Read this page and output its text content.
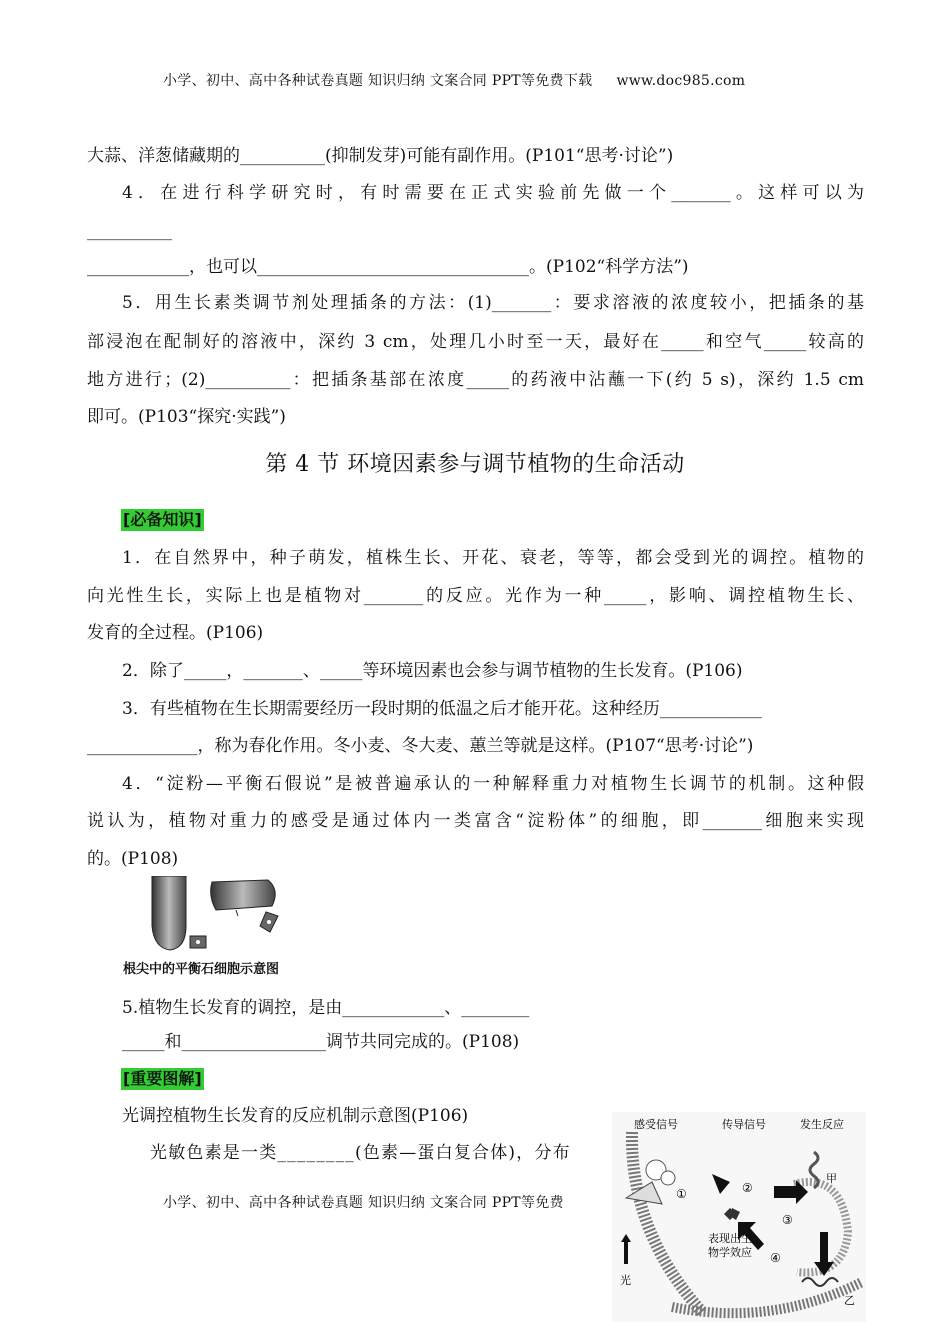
小学、初中、高中各种试卷真题 知识归纳 文案合同 PPT等免费下载 www.doc985.com
大蒜、洋葱储藏期的__________(抑制发芽)可能有副作用。(P101“思考·讨论”)
4．在进行科学研究时，有时需要在正式实验前先做一个_______。这样可以为
__________
____________，也可以________________________________。(P102“科学方法”)
5．用生长素类调节剂处理插条的方法：(1)_______：要求溶液的浓度较小，把插条的基
部浸泡在配制好的溶液中，深约 3 cm，处理几小时至一天，最好在_____和空气_____较高的
地方进行；(2)__________：把插条基部在浓度_____的药液中沾蘸一下(约 5 s)，深约 1.5 cm
即可。(P103“探究·实践”)
第 4 节 环境因素参与调节植物的生命活动
[必备知识]
1．在自然界中，种子萌发，植株生长、开花、衰老，等等，都会受到光的调控。植物的
向光性生长，实际上也是植物对_______的反应。光作为一种_____，影响、调控植物生长、
发育的全过程。(P106)
2．除了_____，_______、_____等环境因素也会参与调节植物的生长发育。(P106)
3．有些植物在生长期需要经历一段时期的低温之后才能开花。这种经历____________
_____________，称为春化作用。冬小麦、冬大麦、蕙兰等就是这样。(P107“思考·讨论”)
4．“淀粉—平衡石假说”是被普遍承认的一种解释重力对植物生长调节的机制。这种假
说认为，植物对重力的感受是通过体内一类富含“淀粉体”的细胞，即_______细胞来实现
的。(P108)
根尖中的平衡石细胞示意图
5.植物生长发育的调控，是由____________、________
_____和_________________调节共同完成的。(P108)
[重要图解]
光调控植物生长发育的反应机制示意图(P106)
光敏色素是一类________(色素—蛋白复合体)，分布
小学、初中、高中各种试卷真题 知识归纳 文案合同 PPT等免费
感受信号	传导信号	发生反应
①	②
③
④
表现出生
物学效应
光
甲
乙
